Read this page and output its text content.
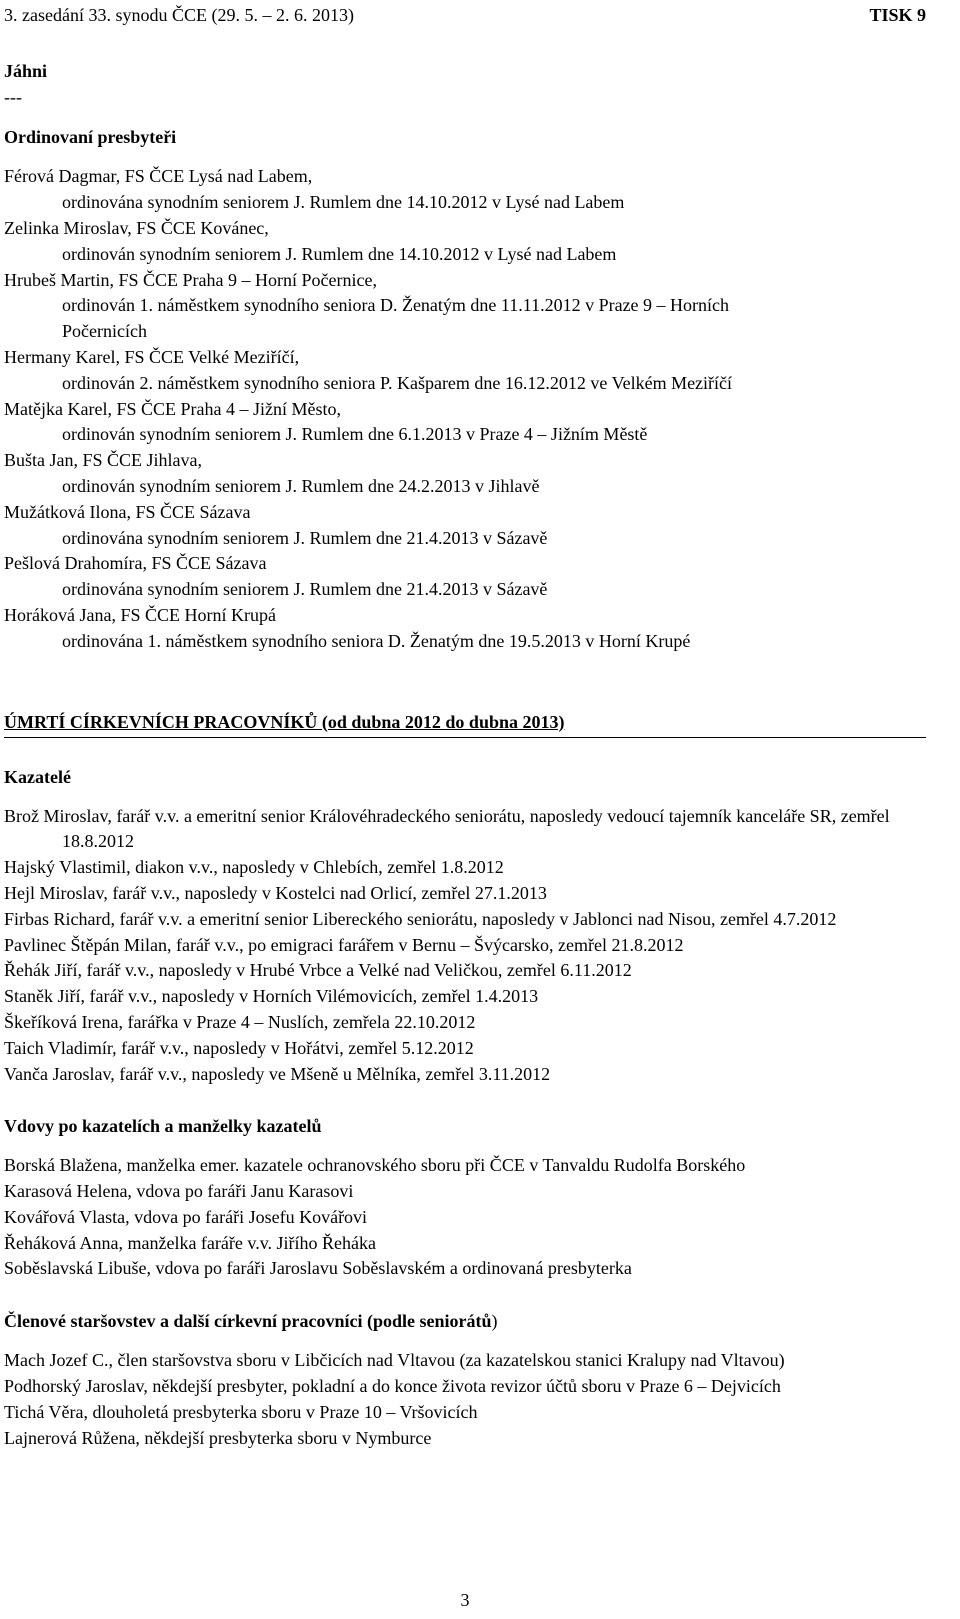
3. zasedání 33. synodu ČCE (29. 5. – 2. 6. 2013)	TISK 9
Jáhni
---
Ordinovaní presbyteři
Férová Dagmar, FS ČCE Lysá nad Labem,
ordinována synodním seniorem J. Rumlem dne 14.10.2012 v Lysé nad Labem
Zelinka Miroslav, FS ČCE Kovánec,
ordinován synodním seniorem J. Rumlem dne 14.10.2012 v Lysé nad Labem
Hrubeš Martin, FS ČCE Praha 9 – Horní Počernice,
ordinován 1. náměstkem synodního seniora D. Ženatým dne 11.11.2012 v Praze 9 – Horních
Počernicích
Hermany Karel, FS ČCE Velké Meziříčí,
ordinován 2. náměstkem synodního seniora P. Kašparem dne 16.12.2012 ve Velkém Meziříčí
Matějka Karel, FS ČCE Praha 4 – Jižní Město,
ordinován synodním seniorem J. Rumlem dne 6.1.2013 v Praze 4 – Jižním Městě
Bušta Jan, FS ČCE Jihlava,
ordinován synodním seniorem J. Rumlem dne 24.2.2013 v Jihlavě
Mužátková Ilona, FS ČCE Sázava
ordinována synodním seniorem J. Rumlem dne 21.4.2013 v Sázavě
Pešlová Drahomíra, FS ČCE Sázava
ordinována synodním seniorem J. Rumlem dne 21.4.2013 v Sázavě
Horáková Jana, FS ČCE Horní Krupá
ordinována 1. náměstkem synodního seniora D. Ženatým dne 19.5.2013 v Horní Krupé
ÚMRTÍ CÍRKEVNÍCH PRACOVNÍKŮ (od dubna 2012 do dubna 2013)
Kazatelé
Brož Miroslav, farář v.v. a emeritní senior Královéhradeckého seniorátu, naposledy vedoucí tajemník kanceláře SR, zemřel 18.8.2012
Hajský Vlastimil, diakon v.v., naposledy v Chlebích, zemřel 1.8.2012
Hejl Miroslav, farář v.v., naposledy v Kostelci nad Orlicí, zemřel 27.1.2013
Firbas Richard, farář v.v. a emeritní senior Libereckého seniorátu, naposledy v Jablonci nad Nisou, zemřel 4.7.2012
Pavlinec Štěpán Milan, farář v.v., po emigraci farářem v Bernu – Švýcarsko, zemřel 21.8.2012
Řehák Jiří, farář v.v., naposledy v Hrubé Vrbce a Velké nad Veličkou, zemřel 6.11.2012
Staněk Jiří, farář v.v., naposledy v Horních Vilémovicích, zemřel 1.4.2013
Škeříková Irena, farářka v Praze 4 – Nuslích, zemřela 22.10.2012
Taich Vladimír, farář v.v., naposledy v Hořátvi, zemřel 5.12.2012
Vanča Jaroslav, farář v.v., naposledy ve Mšeně u Mělníka, zemřel 3.11.2012
Vdovy po kazatelích a manželky kazatelů
Borská Blažena, manželka emer. kazatele ochranovského sboru při ČCE v Tanvaldu Rudolfa Borského
Karasová Helena, vdova po faráři Janu Karasovi
Kovářová Vlasta, vdova po faráři Josefu Kovářovi
Řeháková Anna, manželka faráře v.v. Jiřího Řeháka
Soběslavská Libuše, vdova po faráři Jaroslavu Soběslavském a ordinovaná presbyterka
Členové staršovstev a další církevní pracovníci (podle seniorátů)
Mach Jozef C., člen staršovstva sboru v Libčicích nad Vltavou (za kazatelskou stanici Kralupy nad Vltavou)
Podhorský Jaroslav, někdejší presbyter, pokladní a do konce života revizor účtů sboru v Praze 6 – Dejvicích
Tichá Věra, dlouholetá presbyterka sboru v Praze 10 – Vršovicích
Lajnerová Růžena, někdejší presbyterka sboru v Nymburce
3
